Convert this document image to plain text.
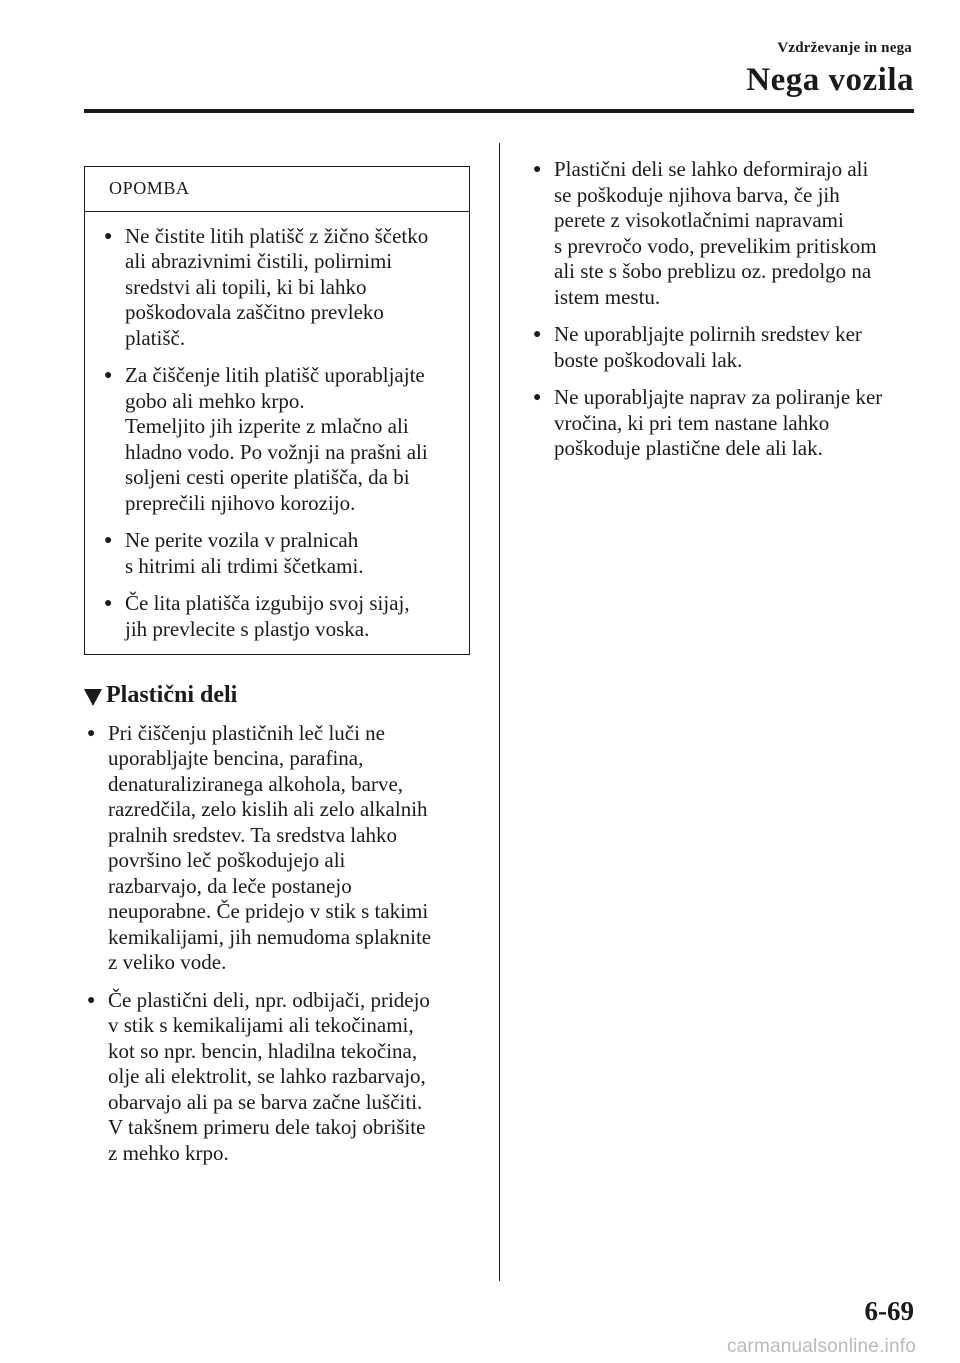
Vzdrževanje in nega
Nega vozila
OPOMBA
● Ne čistite litih platišč z žično ščetko
ali abrazivnimi čistili, polirnimi
sredstvi ali topili, ki bi lahko
poškodovala zaščitno prevleko
platišč.
● Za čiščenje litih platišč uporabljajte
gobo ali mehko krpo.
Temeljito jih izperite z mlačno ali
hladno vodo. Po vožnji na prašni ali
soljeni cesti operite platišča, da bi
preprečili njihovo korozijo.
● Ne perite vozila v pralnicah
s hitrimi ali trdimi ščetkami.
● Če lita platišča izgubijo svoj sijaj,
jih prevlecite s plastjo voska.
Plastični deli
● Pri čiščenju plastičnih leč luči ne
uporabljajte bencina, parafina,
denaturaliziranega alkohola, barve,
razredčila, zelo kislih ali zelo alkalnih
pralnih sredstev. Ta sredstva lahko
površino leč poškodujejo ali
razbarvajo, da leče postanejo
neuporabne. Če pridejo v stik s takimi
kemikalijami, jih nemudoma splaknite
z veliko vode.
● Če plastični deli, npr. odbijači, pridejo
v stik s kemikalijami ali tekočinami,
kot so npr. bencin, hladilna tekočina,
olje ali elektrolit, se lahko razbarvajo,
obarvajo ali pa se barva začne luščiti.
V takšnem primeru dele takoj obrišite
z mehko krpo.
● Plastični deli se lahko deformirajo ali
se poškoduje njihova barva, če jih
perete z visokotlačnimi napravami
s prevročo vodo, prevelikim pritiskom
ali ste s šobo preblizu oz. predolgo na
istem mestu.
● Ne uporabljajte polirnih sredstev ker
boste poškodovali lak.
● Ne uporabljajte naprav za poliranje ker
vročina, ki pri tem nastane lahko
poškoduje plastične dele ali lak.
6-69
carmanualsonline.info
